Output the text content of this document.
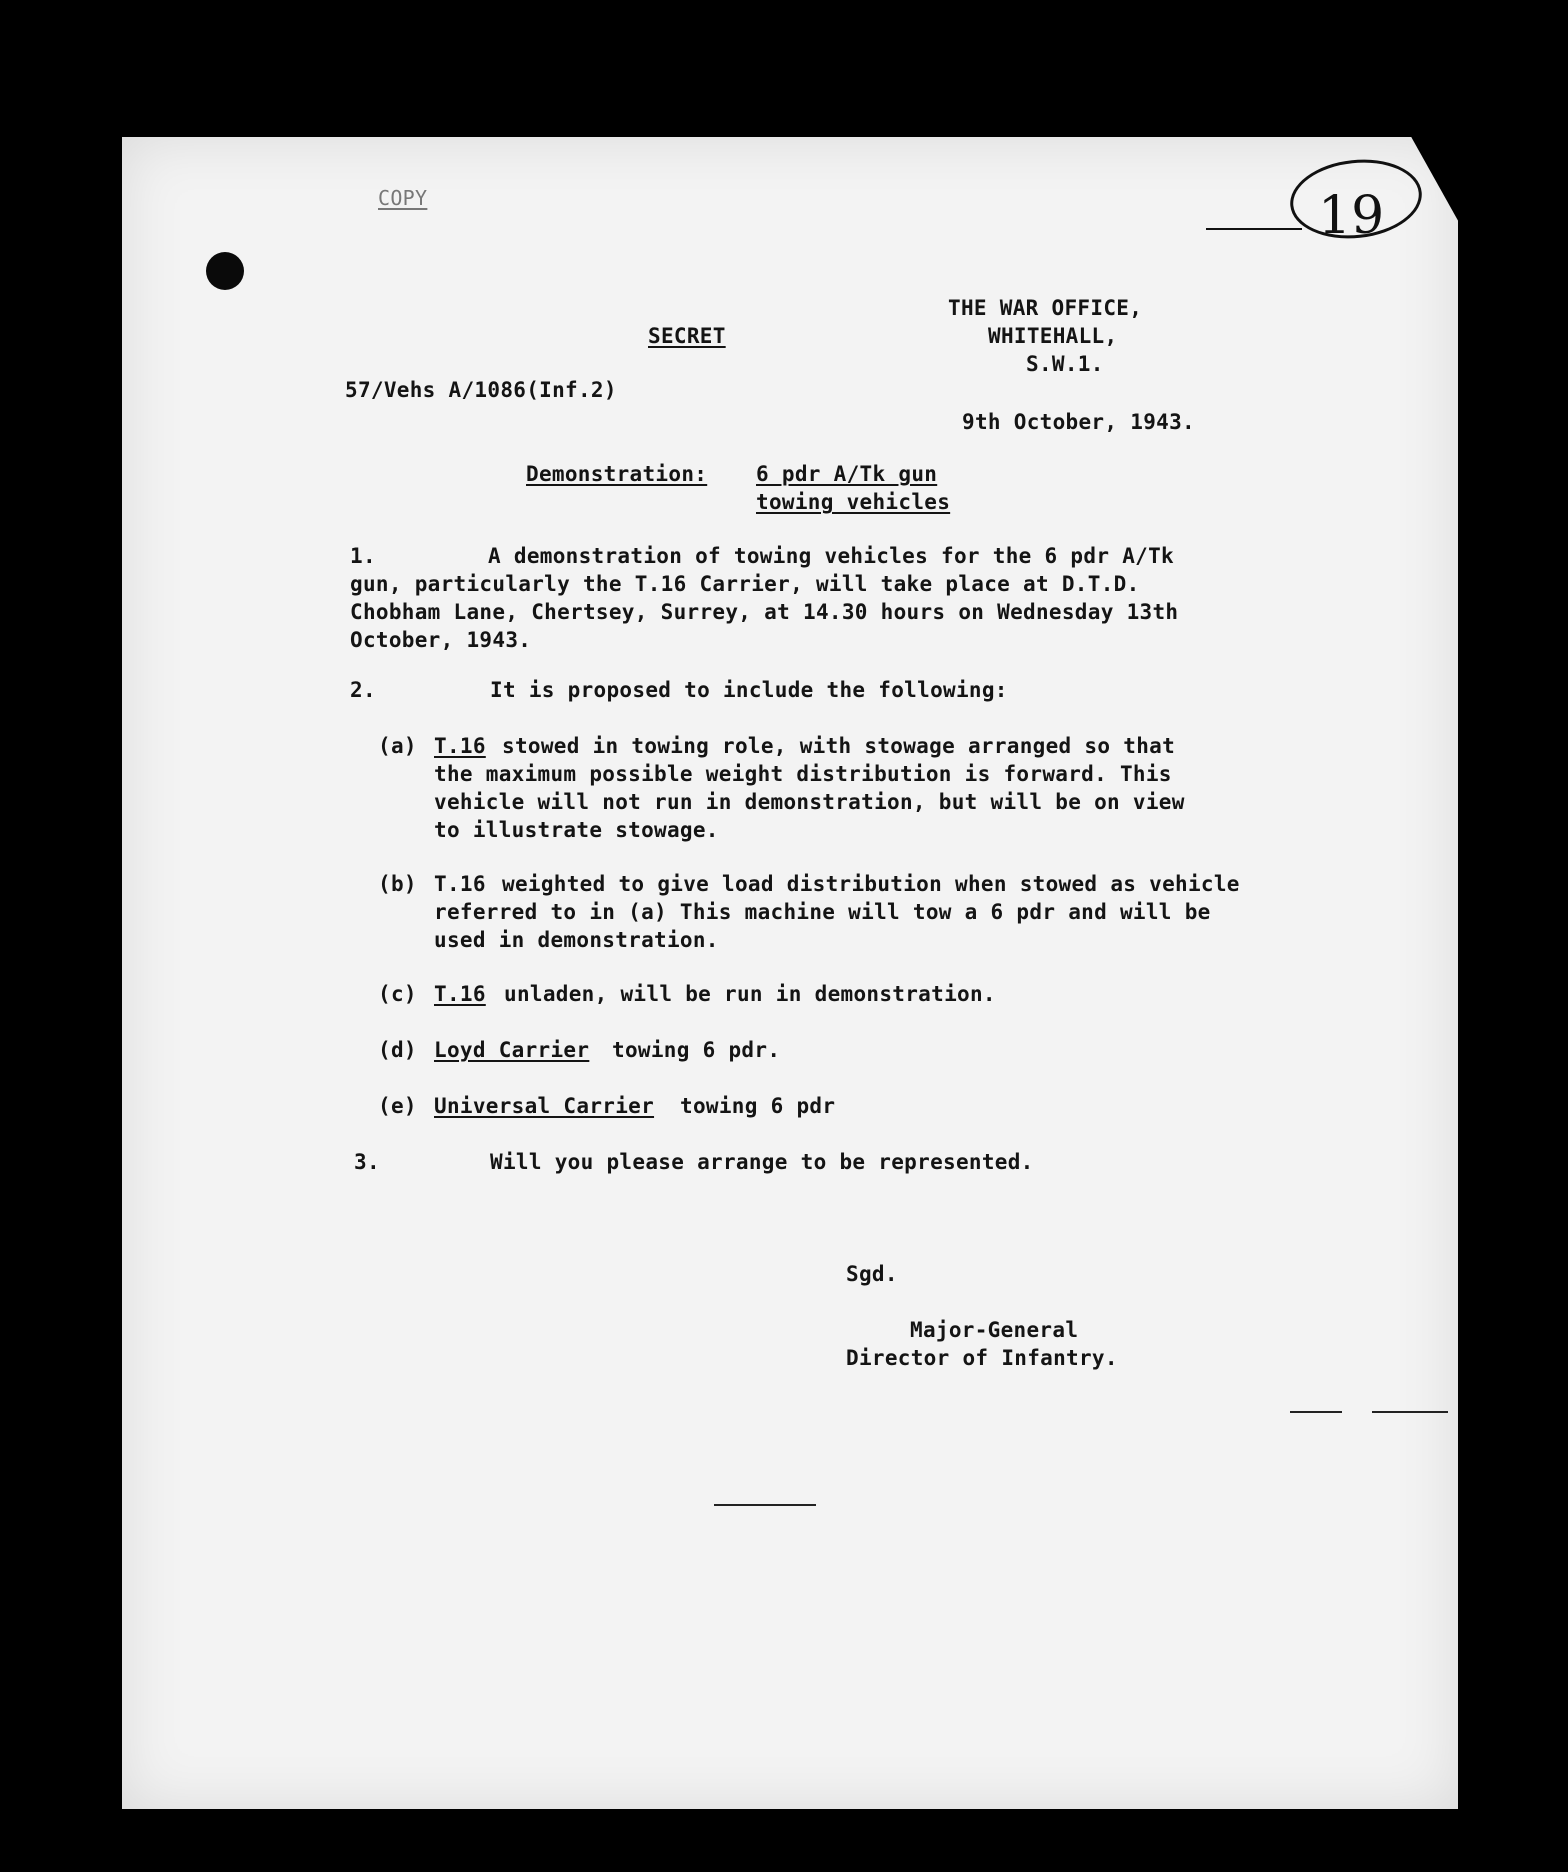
19
COPY
SECRET
THE WAR OFFICE,
WHITEHALL,
S.W.1.
57/Vehs A/1086(Inf.2)
9th October, 1943.
Demonstration: 6 pdr A/Tk gun
towing vehicles
1.	A demonstration of towing vehicles for the 6 pdr A/Tk
gun, particularly the T.16 Carrier, will take place at D.T.D.
Chobham Lane, Chertsey, Surrey, at 14.30 hours on Wednesday 13th
October, 1943.
2.	It is proposed to include the following:
(a) T.16 stowed in towing role, with stowage arranged so that
the maximum possible weight distribution is forward. This
vehicle will not run in demonstration, but will be on view
to illustrate stowage.
(b) T.16 weighted to give load distribution when stowed as vehicle
referred to in (a) This machine will tow a 6 pdr and will be
used in demonstration.
(c) T.16 unladen, will be run in demonstration.
(d) Loyd Carrier towing 6 pdr.
(e) Universal Carrier towing 6 pdr
3.	Will you please arrange to be represented.
Sgd.
Major-General
Director of Infantry.
